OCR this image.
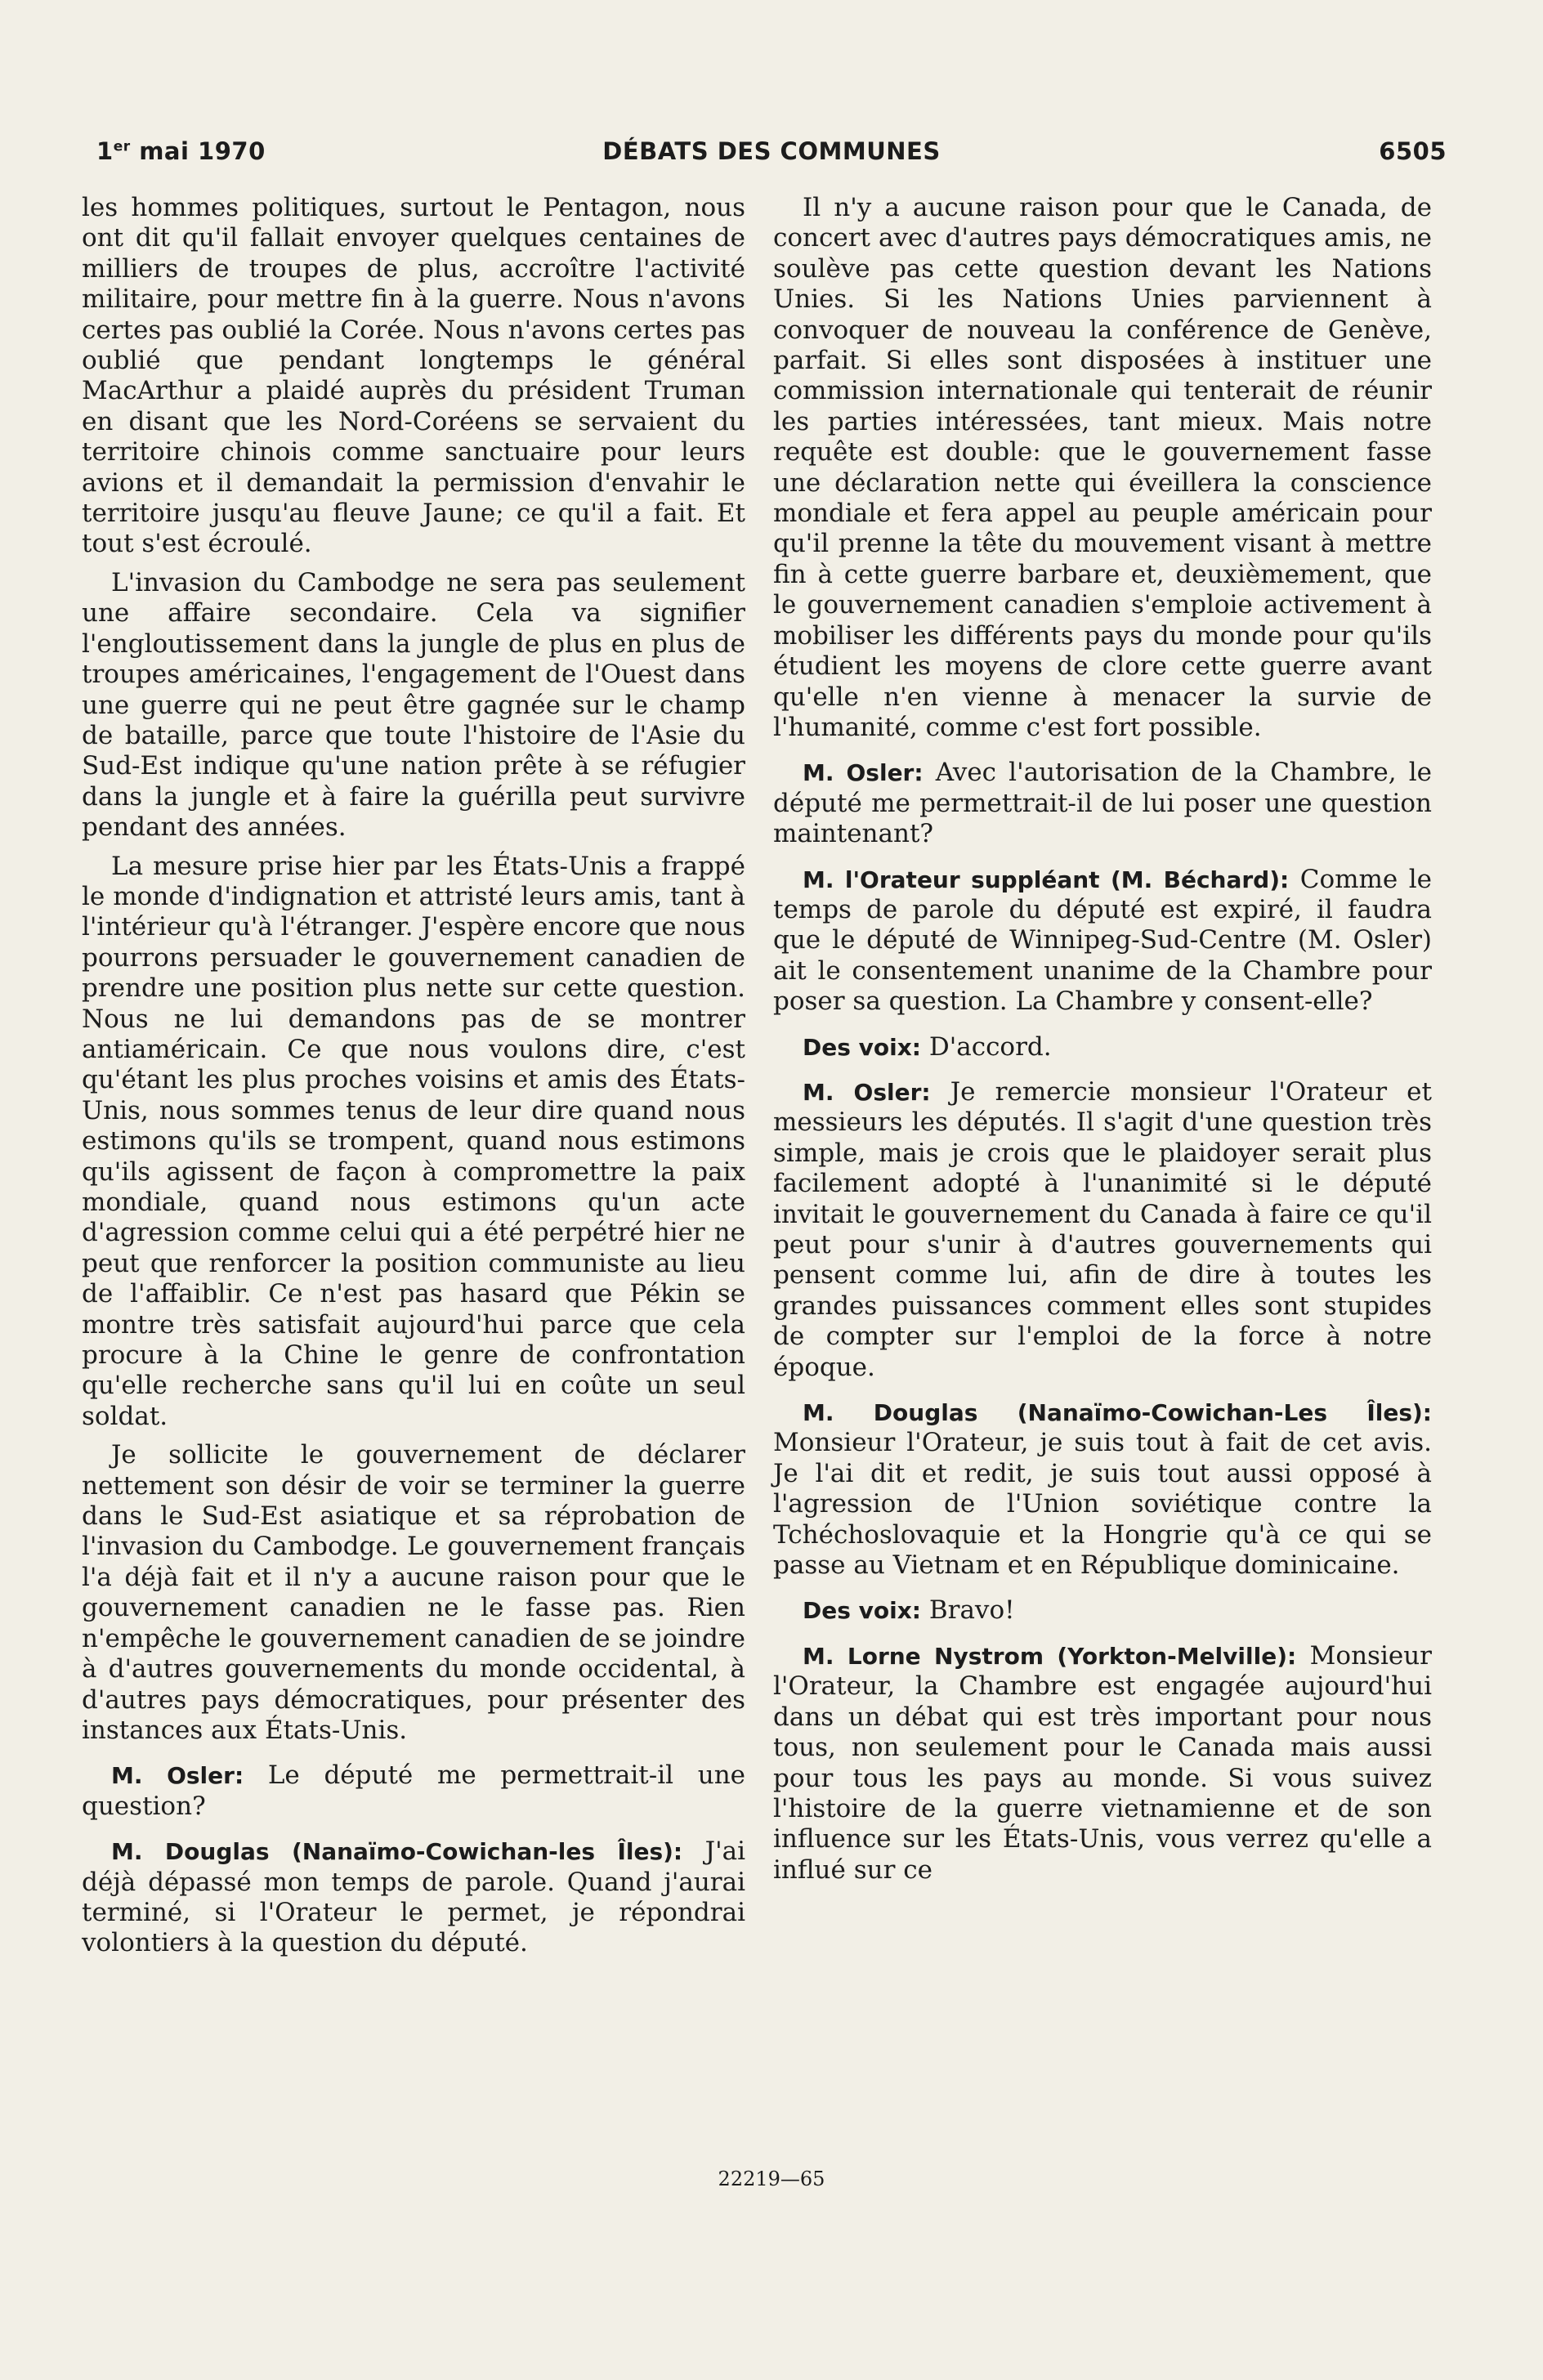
1er mai 1970	DÉBATS DES COMMUNES	6505

les hommes politiques, surtout le Pentagon, nous ont dit qu'il fallait envoyer quelques centaines de milliers de troupes de plus, accroître l'activité militaire, pour mettre fin à la guerre. Nous n'avons certes pas oublié la Corée. Nous n'avons certes pas oublié que pendant longtemps le général MacArthur a plaidé auprès du président Truman en disant que les Nord-Coréens se servaient du territoire chinois comme sanctuaire pour leurs avions et il demandait la permission d'envahir le territoire jusqu'au fleuve Jaune; ce qu'il a fait. Et tout s'est écroulé.

L'invasion du Cambodge ne sera pas seulement une affaire secondaire. Cela va signifier l'engloutissement dans la jungle de plus en plus de troupes américaines, l'engagement de l'Ouest dans une guerre qui ne peut être gagnée sur le champ de bataille, parce que toute l'histoire de l'Asie du Sud-Est indique qu'une nation prête à se réfugier dans la jungle et à faire la guérilla peut survivre pendant des années.

La mesure prise hier par les États-Unis a frappé le monde d'indignation et attristé leurs amis, tant à l'intérieur qu'à l'étranger. J'espère encore que nous pourrons persuader le gouvernement canadien de prendre une position plus nette sur cette question. Nous ne lui demandons pas de se montrer antiaméricain. Ce que nous voulons dire, c'est qu'étant les plus proches voisins et amis des États-Unis, nous sommes tenus de leur dire quand nous estimons qu'ils se trompent, quand nous estimons qu'ils agissent de façon à compromettre la paix mondiale, quand nous estimons qu'un acte d'agression comme celui qui a été perpétré hier ne peut que renforcer la position communiste au lieu de l'affaiblir. Ce n'est pas hasard que Pékin se montre très satisfait aujourd'hui parce que cela procure à la Chine le genre de confrontation qu'elle recherche sans qu'il lui en coûte un seul soldat.

Je sollicite le gouvernement de déclarer nettement son désir de voir se terminer la guerre dans le Sud-Est asiatique et sa réprobation de l'invasion du Cambodge. Le gouvernement français l'a déjà fait et il n'y a aucune raison pour que le gouvernement canadien ne le fasse pas. Rien n'empêche le gouvernement canadien de se joindre à d'autres gouvernements du monde occidental, à d'autres pays démocratiques, pour présenter des instances aux États-Unis.

M. Osler: Le député me permettrait-il une question?

M. Douglas (Nanaïmo-Cowichan-les Îles): J'ai déjà dépassé mon temps de parole. Quand j'aurai terminé, si l'Orateur le permet, je répondrai volontiers à la question du député.

Il n'y a aucune raison pour que le Canada, de concert avec d'autres pays démocratiques amis, ne soulève pas cette question devant les Nations Unies. Si les Nations Unies parviennent à convoquer de nouveau la conférence de Genève, parfait. Si elles sont disposées à instituer une commission internationale qui tenterait de réunir les parties intéressées, tant mieux. Mais notre requête est double: que le gouvernement fasse une déclaration nette qui éveillera la conscience mondiale et fera appel au peuple américain pour qu'il prenne la tête du mouvement visant à mettre fin à cette guerre barbare et, deuxièmement, que le gouvernement canadien s'emploie activement à mobiliser les différents pays du monde pour qu'ils étudient les moyens de clore cette guerre avant qu'elle n'en vienne à menacer la survie de l'humanité, comme c'est fort possible.

M. Osler: Avec l'autorisation de la Chambre, le député me permettrait-il de lui poser une question maintenant?

M. l'Orateur suppléant (M. Béchard): Comme le temps de parole du député est expiré, il faudra que le député de Winnipeg-Sud-Centre (M. Osler) ait le consentement unanime de la Chambre pour poser sa question. La Chambre y consent-elle?

Des voix: D'accord.

M. Osler: Je remercie monsieur l'Orateur et messieurs les députés. Il s'agit d'une question très simple, mais je crois que le plaidoyer serait plus facilement adopté à l'unanimité si le député invitait le gouvernement du Canada à faire ce qu'il peut pour s'unir à d'autres gouvernements qui pensent comme lui, afin de dire à toutes les grandes puissances comment elles sont stupides de compter sur l'emploi de la force à notre époque.

M. Douglas (Nanaïmo-Cowichan-Les Îles): Monsieur l'Orateur, je suis tout à fait de cet avis. Je l'ai dit et redit, je suis tout aussi opposé à l'agression de l'Union soviétique contre la Tchéchoslovaquie et la Hongrie qu'à ce qui se passe au Vietnam et en République dominicaine.

Des voix: Bravo!

M. Lorne Nystrom (Yorkton-Melville): Monsieur l'Orateur, la Chambre est engagée aujourd'hui dans un débat qui est très important pour nous tous, non seulement pour le Canada mais aussi pour tous les pays au monde. Si vous suivez l'histoire de la guerre vietnamienne et de son influence sur les États-Unis, vous verrez qu'elle a influé sur ce

22219—65
